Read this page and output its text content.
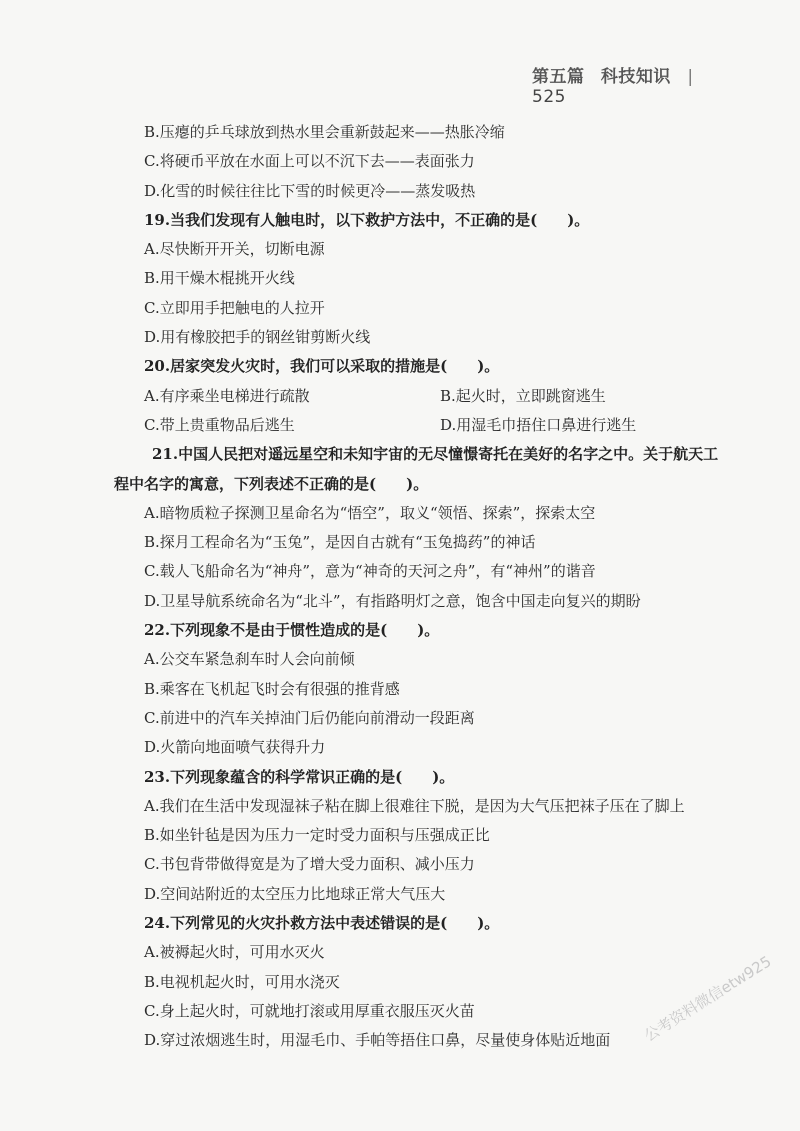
第五篇 科技知识 | 525
B.压瘪的乒乓球放到热水里会重新鼓起来——热胀冷缩
C.将硬币平放在水面上可以不沉下去——表面张力
D.化雪的时候往往比下雪的时候更冷——蒸发吸热
19.当我们发现有人触电时，以下救护方法中，不正确的是(　　)。
A.尽快断开开关，切断电源
B.用干燥木棍挑开火线
C.立即用手把触电的人拉开
D.用有橡胶把手的钢丝钳剪断火线
20.居家突发火灾时，我们可以采取的措施是(　　)。
A.有序乘坐电梯进行疏散	B.起火时，立即跳窗逃生
C.带上贵重物品后逃生	D.用湿毛巾捂住口鼻进行逃生
21.中国人民把对遥远星空和未知宇宙的无尽憧憬寄托在美好的名字之中。关于航天工
程中名字的寓意，下列表述不正确的是(　　)。
A.暗物质粒子探测卫星命名为“悟空”，取义“领悟、探索”，探索太空
B.探月工程命名为“玉兔”，是因自古就有“玉兔捣药”的神话
C.载人飞船命名为“神舟”，意为“神奇的天河之舟”，有“神州”的谐音
D.卫星导航系统命名为“北斗”，有指路明灯之意，饱含中国走向复兴的期盼
22.下列现象不是由于惯性造成的是(　　)。
A.公交车紧急刹车时人会向前倾
B.乘客在飞机起飞时会有很强的推背感
C.前进中的汽车关掉油门后仍能向前滑动一段距离
D.火箭向地面喷气获得升力
23.下列现象蕴含的科学常识正确的是(　　)。
A.我们在生活中发现湿袜子粘在脚上很难往下脱，是因为大气压把袜子压在了脚上
B.如坐针毡是因为压力一定时受力面积与压强成正比
C.书包背带做得宽是为了增大受力面积、减小压力
D.空间站附近的太空压力比地球正常大气压大
24.下列常见的火灾扑救方法中表述错误的是(　　)。
A.被褥起火时，可用水灭火
B.电视机起火时，可用水浇灭
C.身上起火时，可就地打滚或用厚重衣服压灭火苗
D.穿过浓烟逃生时，用湿毛巾、手帕等捂住口鼻，尽量使身体贴近地面	公考资料微信etw925
